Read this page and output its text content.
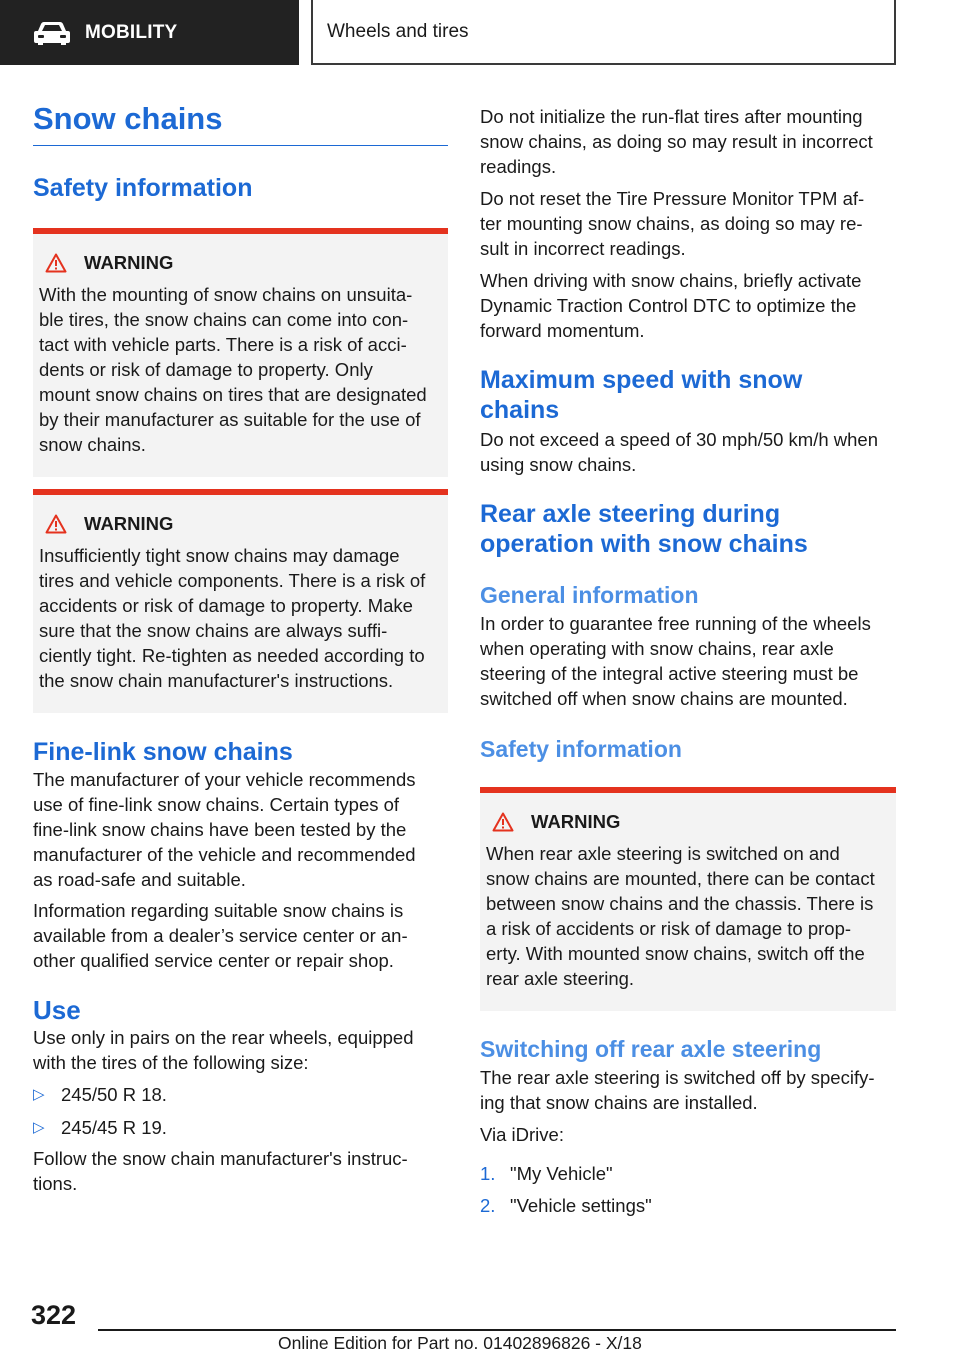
MOBILITY	Wheels and tires
Snow chains
Safety information
WARNING
With the mounting of snow chains on unsuita-
ble tires, the snow chains can come into con-
tact with vehicle parts. There is a risk of acci-
dents or risk of damage to property. Only
mount snow chains on tires that are designated
by their manufacturer as suitable for the use of
snow chains.
WARNING
Insufficiently tight snow chains may damage
tires and vehicle components. There is a risk of
accidents or risk of damage to property. Make
sure that the snow chains are always suffi-
ciently tight. Re-tighten as needed according to
the snow chain manufacturer's instructions.
Fine-link snow chains
The manufacturer of your vehicle recommends
use of fine-link snow chains. Certain types of
fine-link snow chains have been tested by the
manufacturer of the vehicle and recommended
as road-safe and suitable.
Information regarding suitable snow chains is
available from a dealer’s service center or an-
other qualified service center or repair shop.
Use
Use only in pairs on the rear wheels, equipped
with the tires of the following size:
▷ 245/50 R 18.
▷ 245/45 R 19.
Follow the snow chain manufacturer's instruc-
tions.
Do not initialize the run-flat tires after mounting
snow chains, as doing so may result in incorrect
readings.
Do not reset the Tire Pressure Monitor TPM af-
ter mounting snow chains, as doing so may re-
sult in incorrect readings.
When driving with snow chains, briefly activate
Dynamic Traction Control DTC to optimize the
forward momentum.
Maximum speed with snow
chains
Do not exceed a speed of 30 mph/50 km/h when
using snow chains.
Rear axle steering during
operation with snow chains
General information
In order to guarantee free running of the wheels
when operating with snow chains, rear axle
steering of the integral active steering must be
switched off when snow chains are mounted.
Safety information
WARNING
When rear axle steering is switched on and
snow chains are mounted, there can be contact
between snow chains and the chassis. There is
a risk of accidents or risk of damage to prop-
erty. With mounted snow chains, switch off the
rear axle steering.
Switching off rear axle steering
The rear axle steering is switched off by specify-
ing that snow chains are installed.
Via iDrive:
1. "My Vehicle"
2. "Vehicle settings"
322
Online Edition for Part no. 01402896826 - X/18
